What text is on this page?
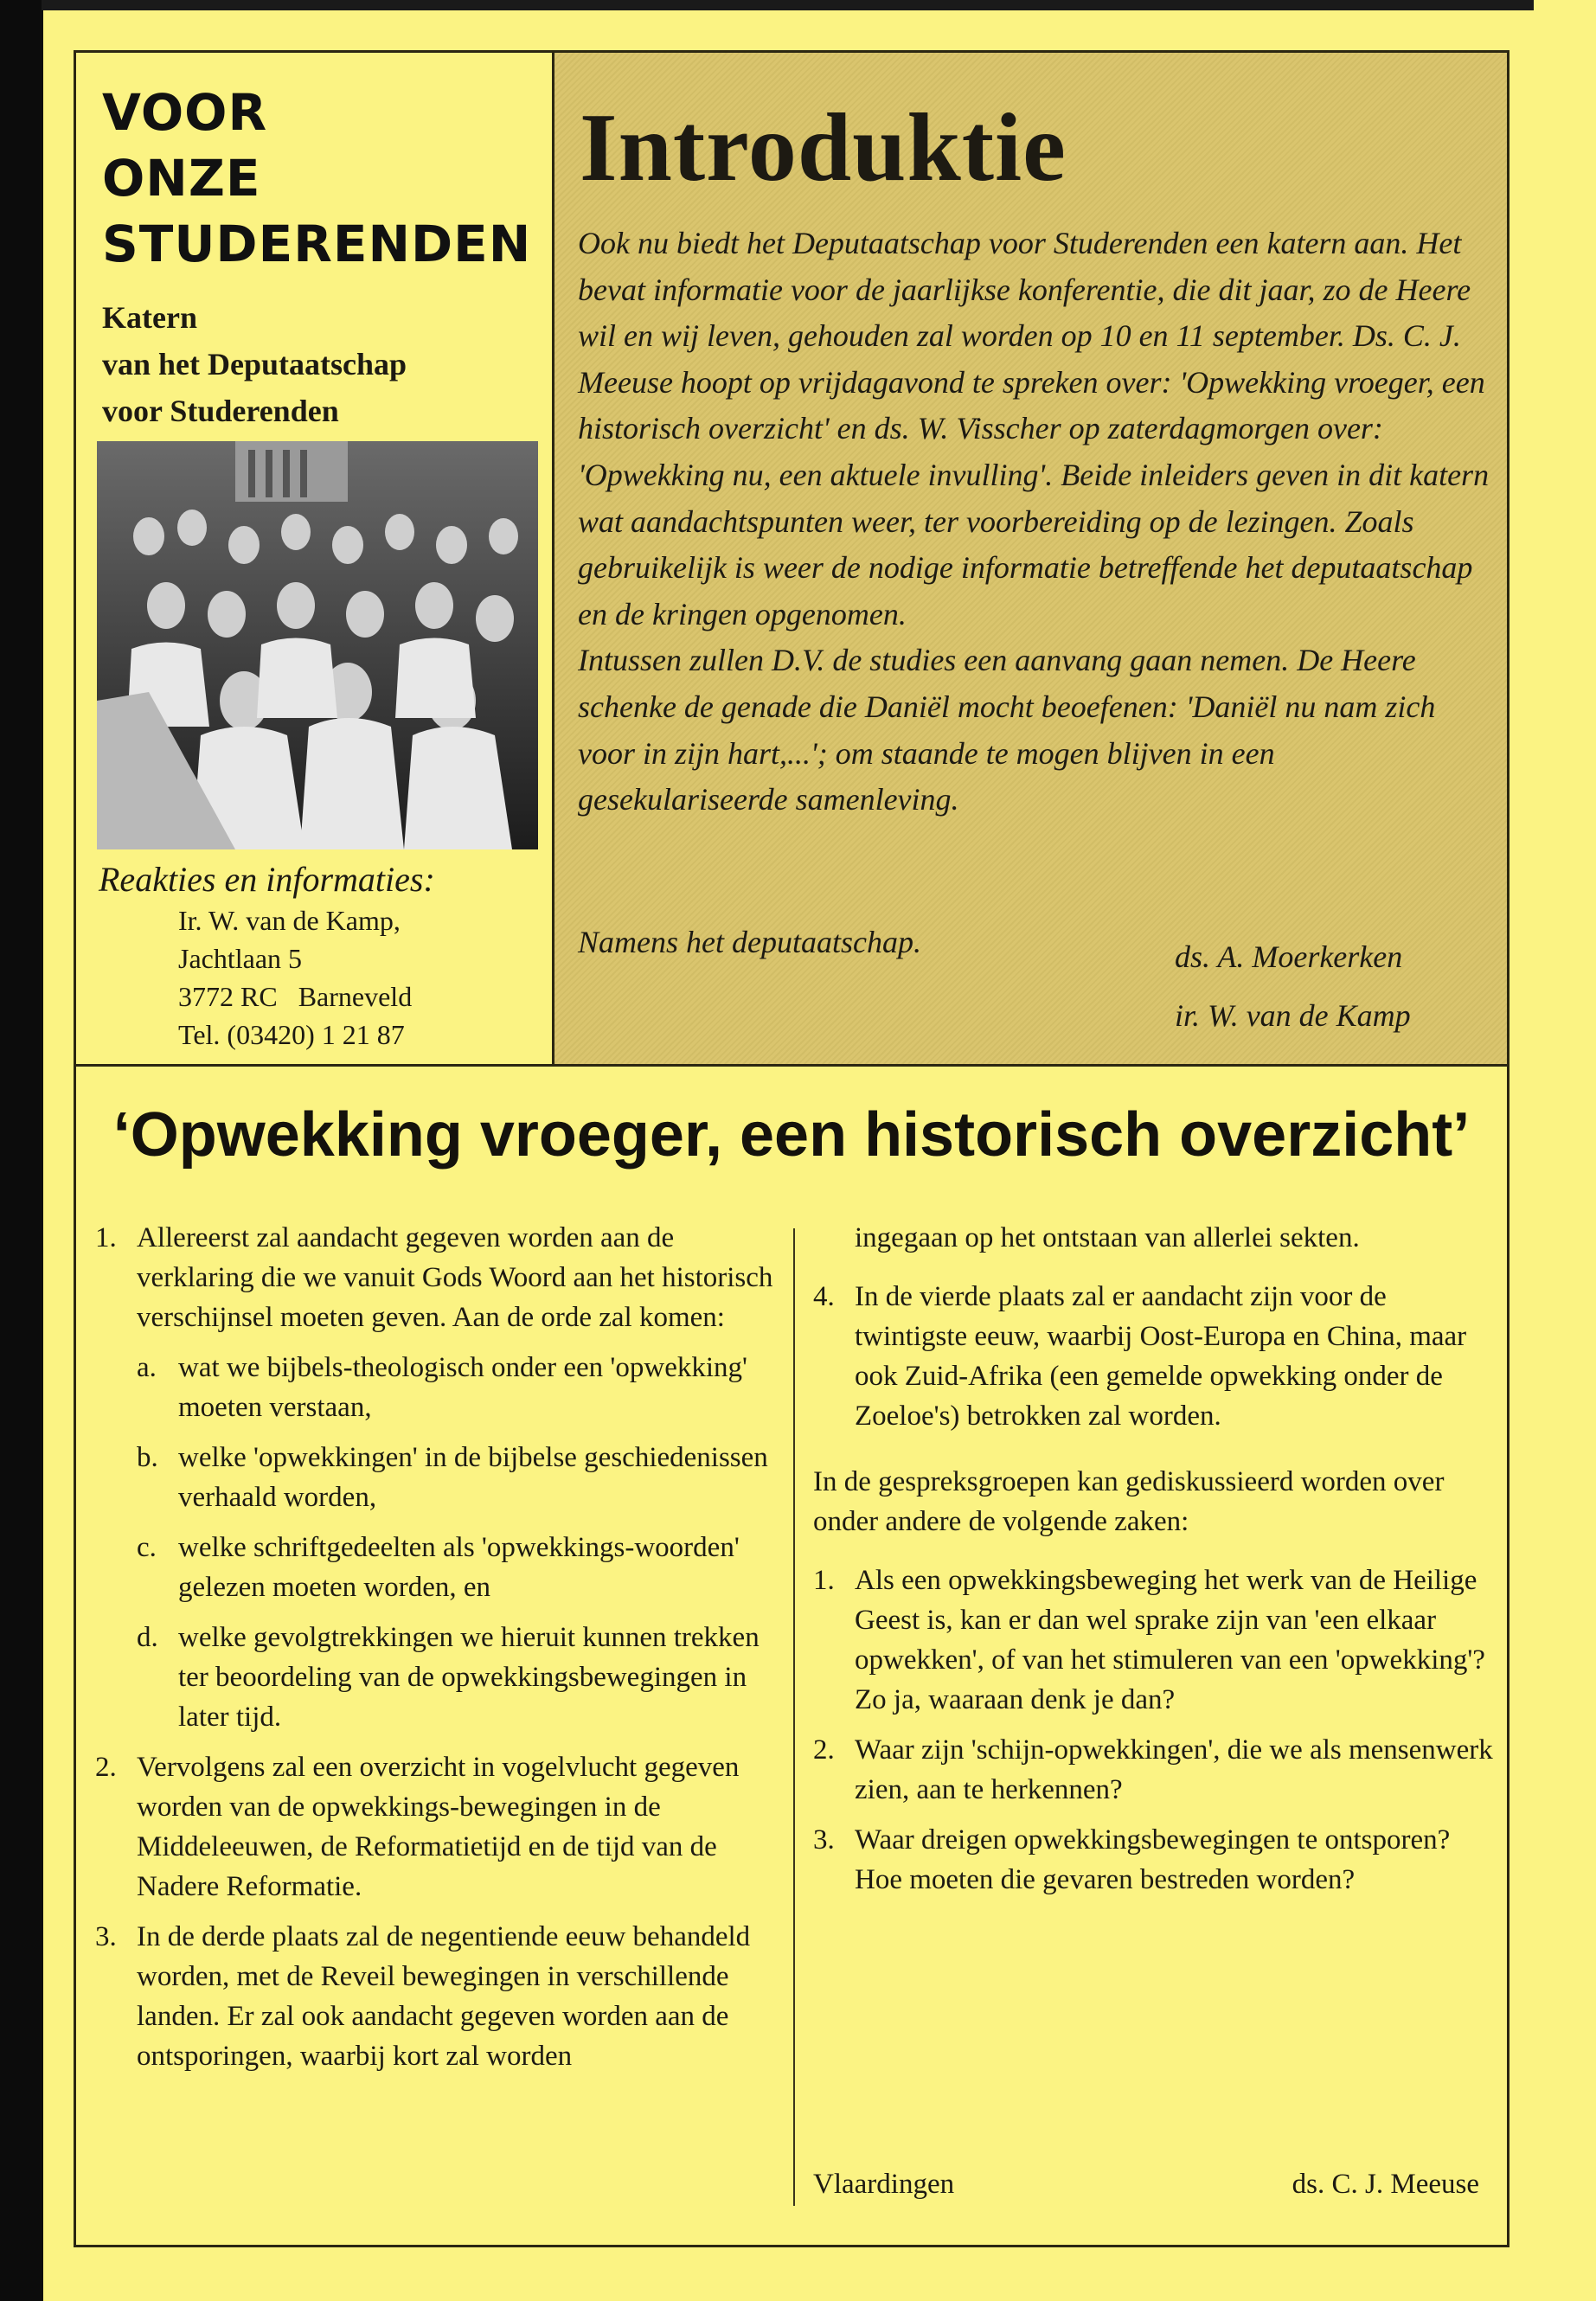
VOOR
ONZE
STUDERENDEN
Katern
van het Deputaatschap
voor Studerenden
Reakties en informaties:
Ir. W. van de Kamp,
Jachtlaan 5
3772 RC   Barneveld
Tel. (03420) 1 21 87
Introduktie

Ook nu biedt het Deputaatschap voor Studerenden een katern aan. Het bevat informatie voor de jaarlijkse konferentie, die dit jaar, zo de Heere wil en wij leven, gehouden zal worden op 10 en 11 september. Ds. C. J. Meeuse hoopt op vrijdagavond te spreken over: 'Opwekking vroeger, een historisch overzicht' en ds. W. Visscher op zaterdagmorgen over: 'Opwekking nu, een aktuele invulling'. Beide inleiders geven in dit katern wat aandachtspunten weer, ter voorbereiding op de lezingen. Zoals gebruikelijk is weer de nodige informatie betreffende het deputaatschap en de kringen opgenomen.

Intussen zullen D.V. de studies een aanvang gaan nemen. De Heere schenke de genade die Daniël mocht beoefenen: 'Daniël nu nam zich voor in zijn hart,...'; om staande te mogen blijven in een gesekulariseerde samenleving.

Namens het deputaatschap.	ds. A. Moerkerken
ir. W. van de Kamp
‘Opwekking vroeger, een historisch overzicht’
1. Allereerst zal aandacht gegeven worden aan de verklaring die we vanuit Gods Woord aan het historisch verschijnsel moeten geven. Aan de orde zal komen:
a. wat we bijbels-theologisch onder een 'opwekking' moeten verstaan,
b. welke 'opwekkingen' in de bijbelse geschiedenissen verhaald worden,
c. welke schriftgedeelten als 'opwekkings-woorden' gelezen moeten worden, en
d. welke gevolgtrekkingen we hieruit kunnen trekken ter beoordeling van de opwekkingsbewegingen in later tijd.
2. Vervolgens zal een overzicht in vogelvlucht gegeven worden van de opwekkings-bewegingen in de Middeleeuwen, de Reformatietijd en de tijd van de Nadere Reformatie.
3. In de derde plaats zal de negentiende eeuw behandeld worden, met de Reveil bewegingen in verschillende landen. Er zal ook aandacht gegeven worden aan de ontsporingen, waarbij kort zal worden
ingegaan op het ontstaan van allerlei sekten.
4. In de vierde plaats zal er aandacht zijn voor de twintigste eeuw, waarbij Oost-Europa en China, maar ook Zuid-Afrika (een gemelde opwekking onder de Zoeloe's) betrokken zal worden.
In de gespreksgroepen kan gediskussieerd worden over onder andere de volgende zaken:
1. Als een opwekkingsbeweging het werk van de Heilige Geest is, kan er dan wel sprake zijn van 'een elkaar opwekken', of van het stimuleren van een 'opwekking'? Zo ja, waaraan denk je dan?
2. Waar zijn 'schijn-opwekkingen', die we als mensenwerk zien, aan te herkennen?
3. Waar dreigen opwekkingsbewegingen te ontsporen? Hoe moeten die gevaren bestreden worden?
Vlaardingen	ds. C. J. Meeuse
